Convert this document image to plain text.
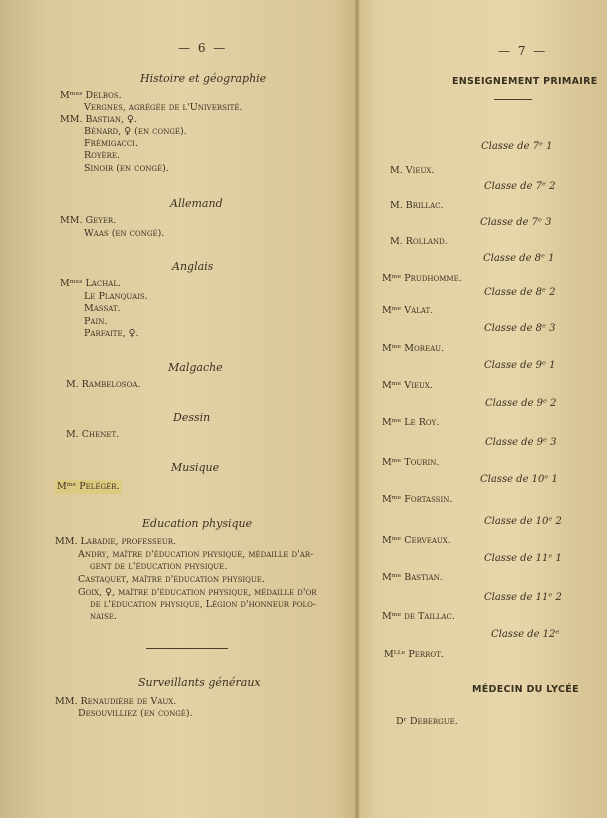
— 6 —
Histoire et géographie
Mᵐᵉˢ Delbos.
Vergnes, agrégée de l'Université.
MM. Bastian, ♀.
Bénard, ♀ (en congé).
Frémigacci.
Royère.
Sinoir (en congé).
Allemand
MM. Geyer.
Waas (en congé).
Anglais
Mᵐᵉˢ Lachal.
Le Planquais.
Massat.
Pain.
Parfaite, ♀.
Malgache
M. Rambelosoa.
Dessin
M. Chenet.
Musique
Mᵐᵉ Pelégér.
Education physique
MM. Labadie, professeur.
Andry, maître d'éducation physique, médaille d'ar-
gent de l'éducation physique.
Castaquet, maître d'éducation physique.
Goix, ♀, maître d'éducation physique, médaille d'or
de l'éducation physique, Légion d'honneur polo-
naise.
Surveillants généraux
MM. Renaudière de Vaux.
Desouvilliez (en congé).
— 7 —
ENSEIGNEMENT PRIMAIRE
Classe de 7ᵉ 1
M. Vieux.
Classe de 7ᵉ 2
M. Brillac.
Classe de 7ᵉ 3
M. Rolland.
Classe de 8ᵉ 1
Mᵐᵉ Prudhomme.
Classe de 8ᵉ 2
Mᵐᵉ Valat.
Classe de 8ᵉ 3
Mᵐᵉ Moreau.
Classe de 9ᵉ 1
Mᵐᵉ Vieux.
Classe de 9ᵉ 2
Mᵐᵉ Le Roy.
Classe de 9ᵉ 3
Mᵐᵉ Tourin.
Classe de 10ᵉ 1
Mᵐᵉ Fortassin.
Classe de 10ᵉ 2
Mᵐᵉ Cerveaux.
Classe de 11ᵉ 1
Mᵐᵉ Bastian.
Classe de 11ᵉ 2
Mᵐᵉ de Taillac.
Classe de 12ᵉ
Mᴸᴸᵉ Perrot.
MÉDECIN DU LYCÉE
Dʳ Debergue.
